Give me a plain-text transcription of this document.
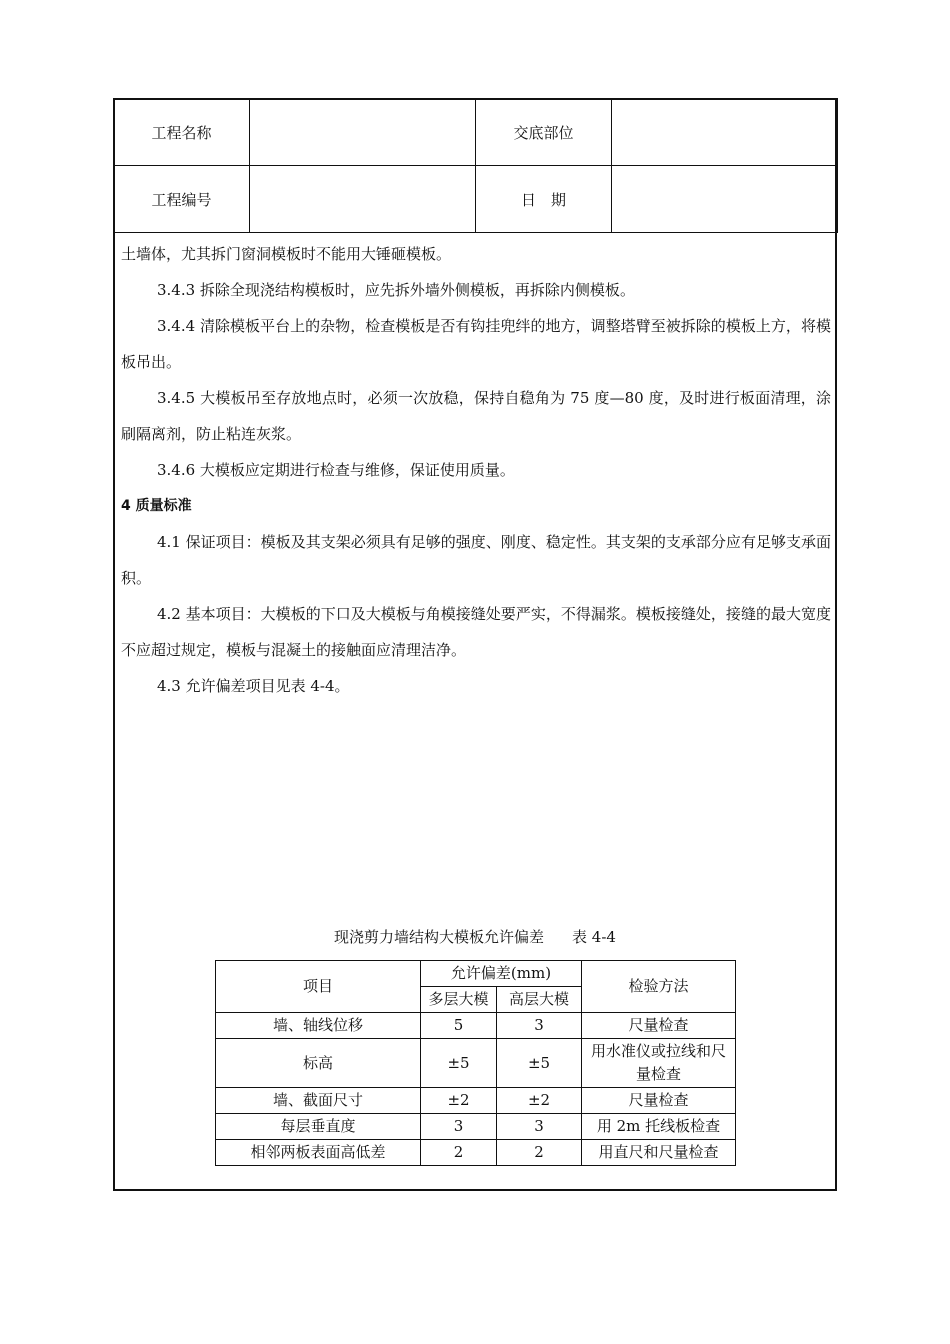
工程名称		交底部位	
工程编号		日　期	

土墙体，尤其拆门窗洞模板时不能用大锤砸模板。

3.4.3 拆除全现浇结构模板时，应先拆外墙外侧模板，再拆除内侧模板。

3.4.4 清除模板平台上的杂物，检查模板是否有钩挂兜绊的地方，调整塔臂至被拆除的模板上方，将模板吊出。

3.4.5 大模板吊至存放地点时，必须一次放稳，保持自稳角为 75 度—80 度，及时进行板面清理，涂刷隔离剂，防止粘连灰浆。

3.4.6 大模板应定期进行检查与维修，保证使用质量。

4 质量标准

4.1 保证项目：模板及其支架必须具有足够的强度、刚度、稳定性。其支架的支承部分应有足够支承面积。

4.2 基本项目：大模板的下口及大模板与角模接缝处要严实，不得漏浆。模板接缝处，接缝的最大宽度不应超过规定，模板与混凝土的接触面应清理洁净。

4.3 允许偏差项目见表 4-4。

现浇剪力墙结构大模板允许偏差 表 4-4
项目	允许偏差(mm)		检验方法
	多层大模	高层大模	
墙、轴线位移	5	3	尺量检查
标高	±5	±5	用水准仪或拉线和尺量检查
墙、截面尺寸	±2	±2	尺量检查
每层垂直度	3	3	用 2m 托线板检查
相邻两板表面高低差	2	2	用直尺和尺量检查
